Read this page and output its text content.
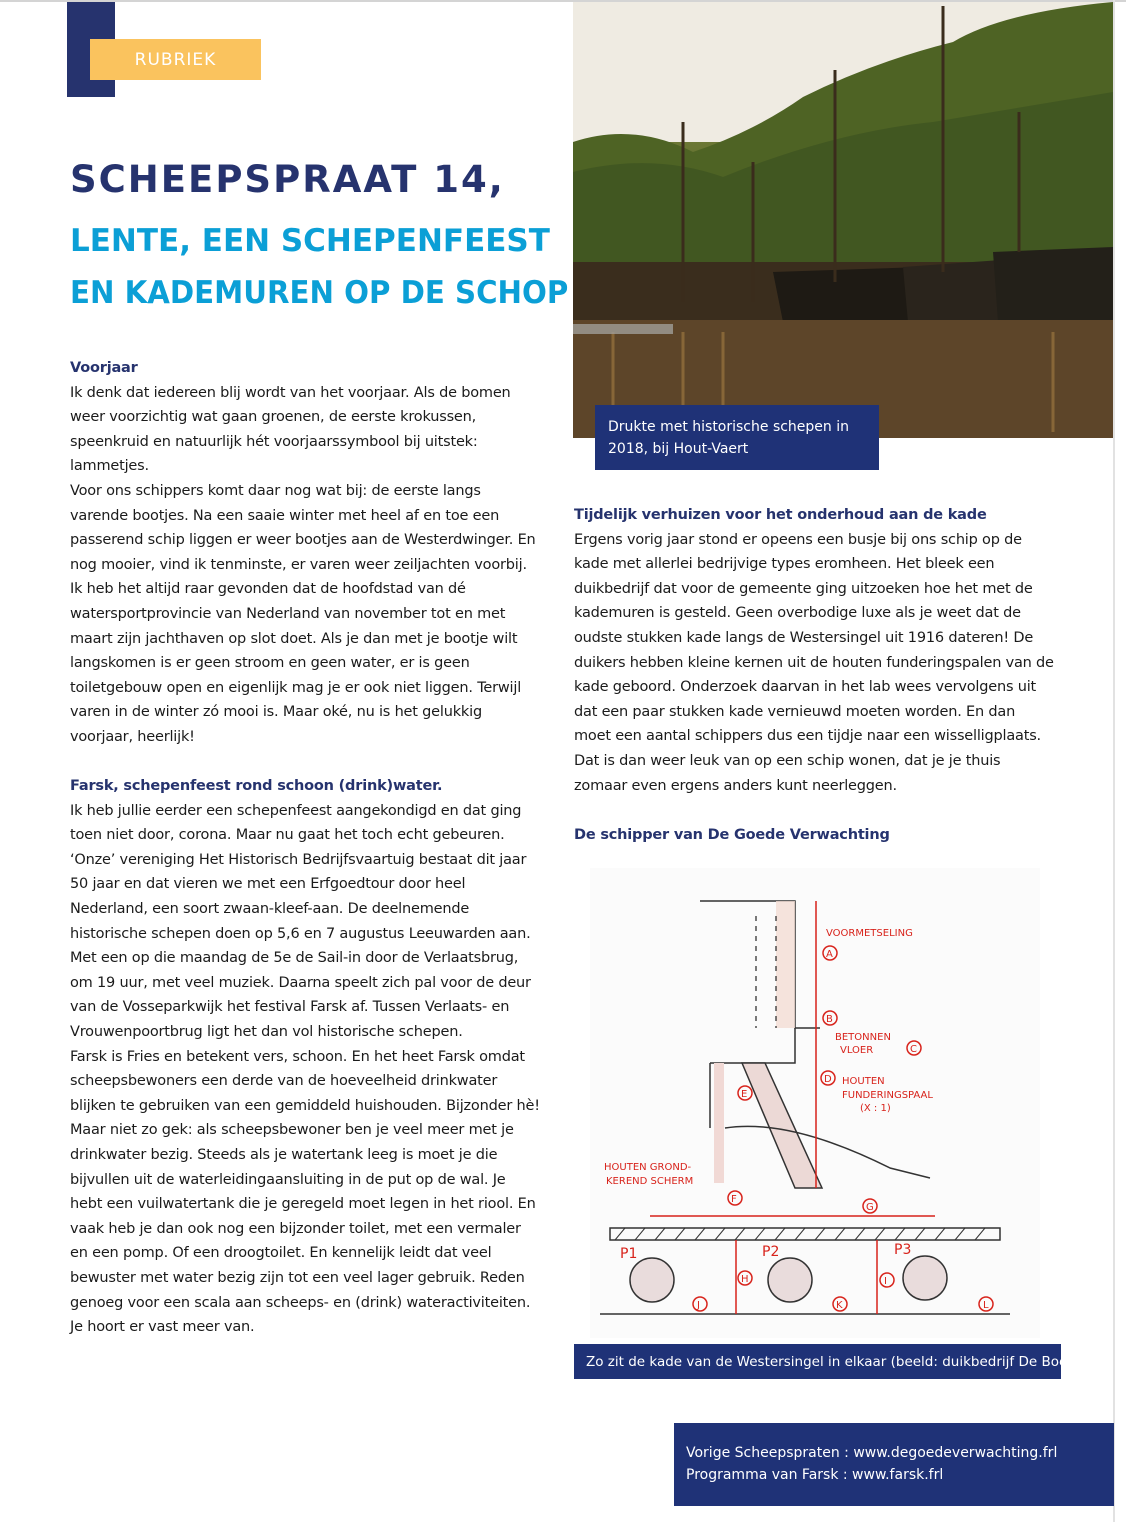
RUBRIEK
SCHEEPSPRAAT 14,
LENTE, EEN SCHEPENFEEST
EN KADEMUREN OP DE SCHOP
Voorjaar

Ik denk dat iedereen blij wordt van het voorjaar. Als de bomen weer voorzichtig wat gaan groenen, de eerste krokussen, speenkruid en natuurlijk hét voorjaarssymbool bij uitstek: lammetjes.

Voor ons schippers komt daar nog wat bij: de eerste langs varende bootjes. Na een saaie winter met heel af en toe een passerend schip liggen er weer bootjes aan de Westerdwinger. En nog mooier, vind ik tenminste, er varen weer zeiljachten voorbij. Ik heb het altijd raar gevonden dat de hoofdstad van dé watersportprovincie van Nederland van november tot en met maart zijn jachthaven op slot doet. Als je dan met je bootje wilt langskomen is er geen stroom en geen water, er is geen toiletgebouw open en eigenlijk mag je er ook niet liggen. Terwijl varen in de winter zó mooi is. Maar oké, nu is het gelukkig voorjaar, heerlijk!

Farsk, schepenfeest rond schoon (drink)water.

Ik heb jullie eerder een schepenfeest aangekondigd en dat ging toen niet door, corona. Maar nu gaat het toch echt gebeuren. ‘Onze’ vereniging Het Historisch Bedrijfsvaartuig bestaat dit jaar 50 jaar en dat vieren we met een Erfgoedtour door heel Nederland, een soort zwaan-kleef-aan. De deelnemende historische schepen doen op 5,6 en 7 augustus Leeuwarden aan. Met een op die maandag de 5e de Sail-in door de Verlaatsbrug, om 19 uur, met veel muziek. Daarna speelt zich pal voor de deur van de Vosseparkwijk het festival Farsk af. Tussen Verlaats- en Vrouwenpoortbrug ligt het dan vol historische schepen.

Farsk is Fries en betekent vers, schoon. En het heet Farsk omdat scheepsbewoners een derde van de hoeveelheid drinkwater blijken te gebruiken van een gemiddeld huishouden. Bijzonder hè! Maar niet zo gek: als scheepsbewoner ben je veel meer met je drinkwater bezig. Steeds als je watertank leeg is moet je die bijvullen uit de waterleidingaansluiting in de put op de wal. Je hebt een vuilwatertank die je geregeld moet legen in het riool. En vaak heb je dan ook nog een bijzonder toilet, met een vermaler en een pomp. Of een droogtoilet. En kennelijk leidt dat veel bewuster met water bezig zijn tot een veel lager gebruik. Reden genoeg voor een scala aan scheeps- en (drink) wateractiviteiten. Je hoort er vast meer van.

Drukte met historische schepen in 2018, bij Hout-Vaert
Tijdelijk verhuizen voor het onderhoud aan de kade

Ergens vorig jaar stond er opeens een busje bij ons schip op de kade met allerlei bedrijvige types eromheen. Het bleek een duikbedrijf dat voor de gemeente ging uitzoeken hoe het met de kademuren is gesteld. Geen overbodige luxe als je weet dat de oudste stukken kade langs de Westersingel uit 1916 dateren! De duikers hebben kleine kernen uit de houten funderingspalen van de kade geboord. Onderzoek daarvan in het lab wees vervolgens uit dat een paar stukken kade vernieuwd moeten worden. En dan moet een aantal schippers dus een tijdje naar een wisselligplaats. Dat is dan weer leuk van op een schip wonen, dat je je thuis zomaar even ergens anders kunt neerleggen.

De schipper van De Goede Verwachting
VOORMETSELING
BETONNEN
VLOER
HOUTEN
FUNDERINGSPAAL
(X : 1)
HOUTEN GROND-
KEREND SCHERM
A
B
C
D
E
F
G
H	I
J	K	L
P1	P2	P3
Zo zit de kade van de Westersingel in elkaar (beeld: duikbedrijf De Boer)
Vorige Scheepspraten : www.degoedeverwachting.frl
Programma van Farsk : www.farsk.frl
